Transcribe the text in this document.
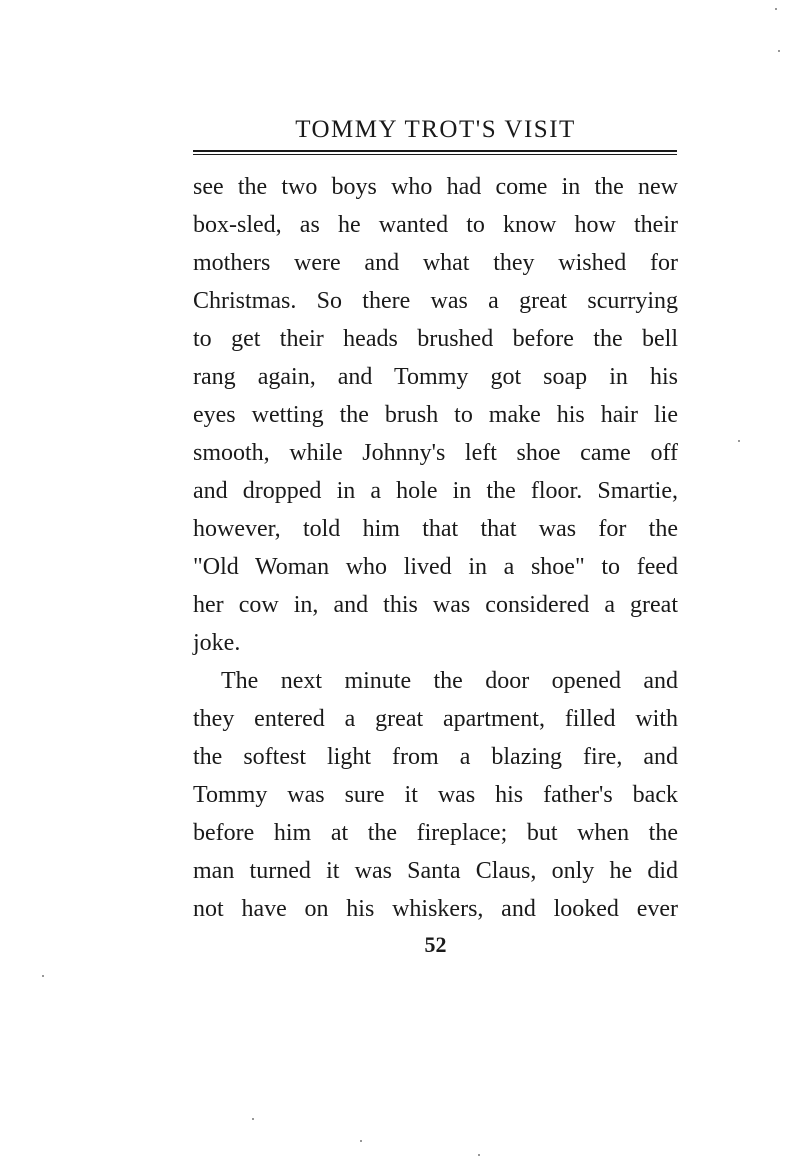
TOMMY TROT'S VISIT
see the two boys who had come in the new
box-sled, as he wanted to know how their
mothers were and what they wished for
Christmas. So there was a great scurrying
to get their heads brushed before the bell
rang again, and Tommy got soap in his
eyes wetting the brush to make his hair lie
smooth, while Johnny's left shoe came off
and dropped in a hole in the floor. Smartie,
however, told him that that was for the
"Old Woman who lived in a shoe" to feed
her cow in, and this was considered a great
joke.
The next minute the door opened and
they entered a great apartment, filled with
the softest light from a blazing fire, and
Tommy was sure it was his father's back
before him at the fireplace; but when the
man turned it was Santa Claus, only he did
not have on his whiskers, and looked ever
52
